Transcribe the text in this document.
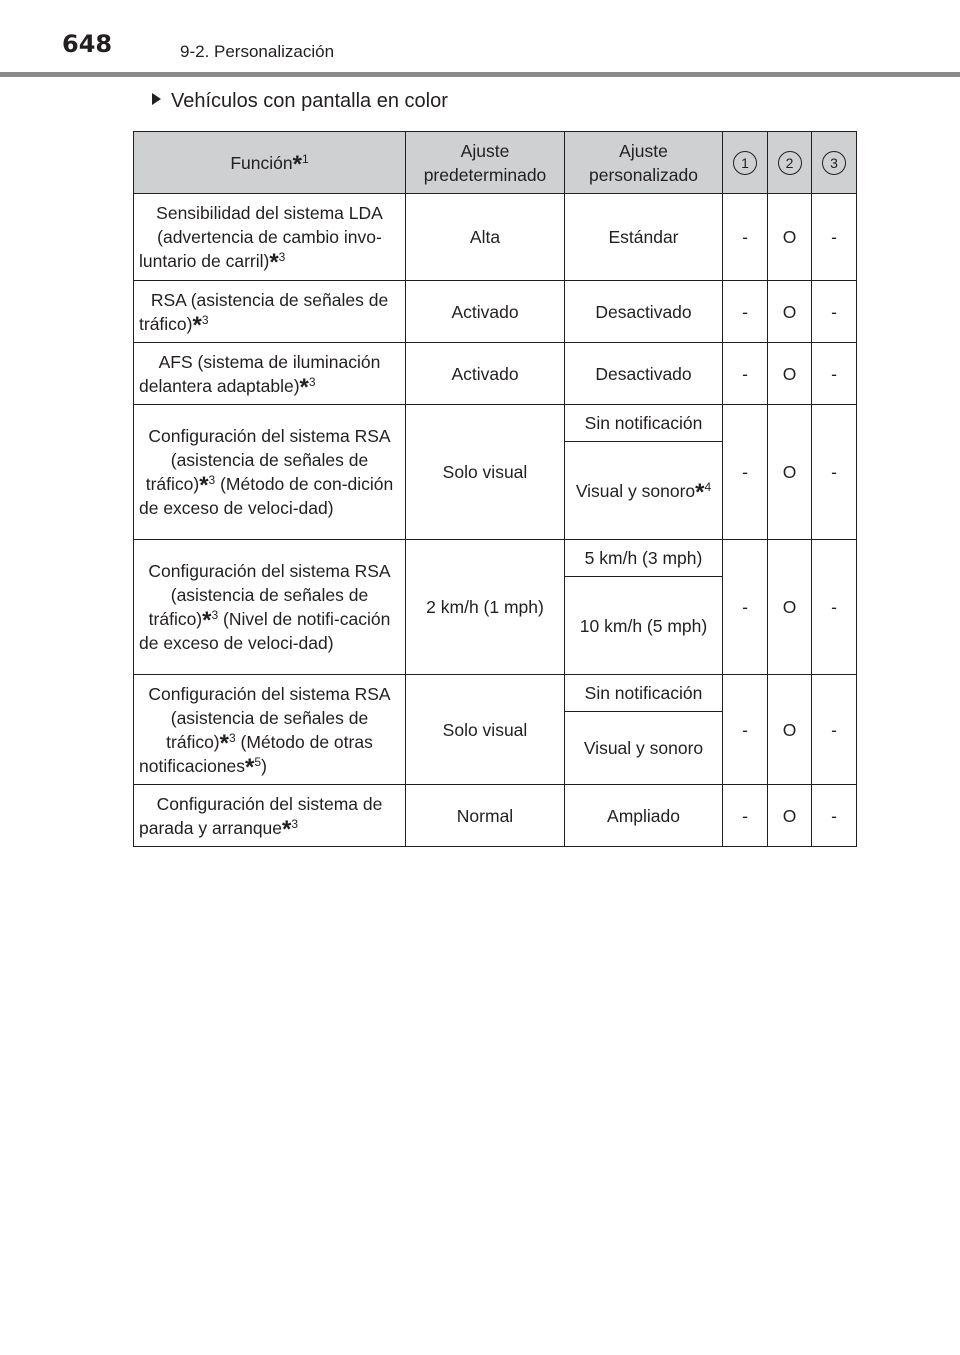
648	9-2. Personalización
Vehículos con pantalla en color
Función*$^1$	Ajuste predeterminado	Ajuste personalizado	1	2	3
Sensibilidad del sistema LDA (advertencia de cambio invo-luntario de carril)*$^3$	Alta	Estándar	-	O	-
RSA (asistencia de señales de tráfico)*$^3$	Activado	Desactivado	-	O	-
AFS (sistema de iluminación delantera adaptable)*$^3$	Activado	Desactivado	-	O	-
Configuración del sistema RSA (asistencia de señales de tráfico)*$^3$ (Método de con-dición de exceso de veloci-dad)	Solo visual	Sin notificación	-	O	-
		Visual y sonoro*$^4$
Configuración del sistema RSA (asistencia de señales de tráfico)*$^3$ (Nivel de notifi-cación de exceso de veloci-dad)	2 km/h (1 mph)	5 km/h (3 mph)	-	O	-
		10 km/h (5 mph)			
Configuración del sistema RSA (asistencia de señales de tráfico)*$^3$ (Método de otras notificaciones*$^5$)	Solo visual	Sin notificación	-	O	-
		Visual y sonoro			
Configuración del sistema de parada y arranque*$^3$	Normal	Ampliado	-	O	-
